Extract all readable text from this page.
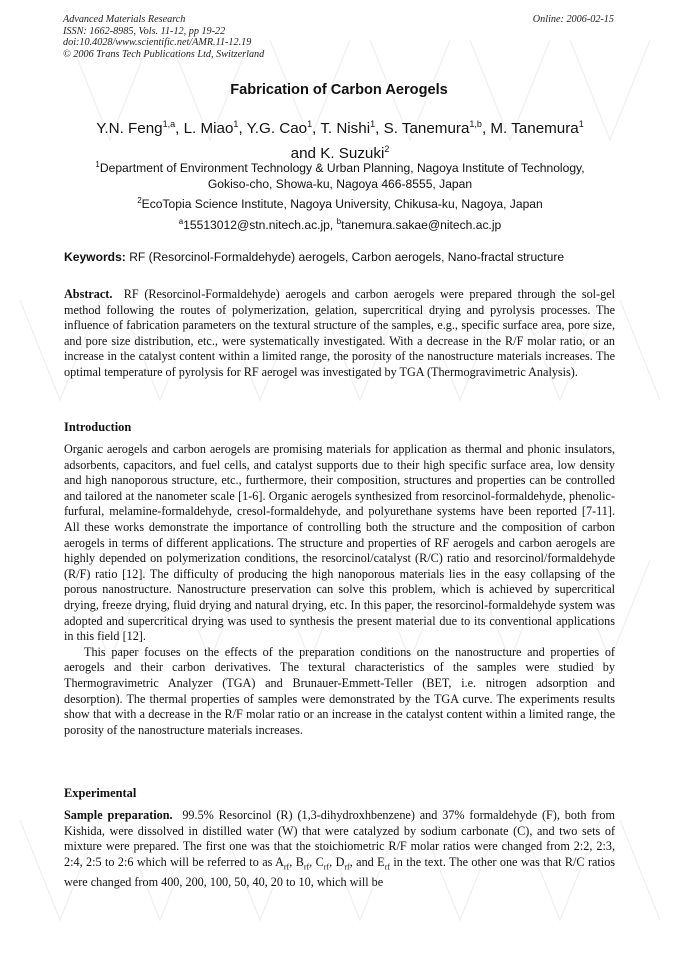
Advanced Materials Research
ISSN: 1662-8985, Vols. 11-12, pp 19-22
doi:10.4028/www.scientific.net/AMR.11-12.19
© 2006 Trans Tech Publications Ltd, Switzerland
Online: 2006-02-15
Fabrication of Carbon Aerogels
Y.N. Feng$^{1,a}$, L. Miao$^1$, Y.G. Cao$^1$, T. Nishi$^1$, S. Tanemura$^{1,b}$, M. Tanemura$^1$
and K. Suzuki$^2$
$^1$Department of Environment Technology & Urban Planning, Nagoya Institute of Technology,
Gokiso-cho, Showa-ku, Nagoya 466-8555, Japan
$^2$EcoTopia Science Institute, Nagoya University, Chikusa-ku, Nagoya, Japan
$^a$15513012@stn.nitech.ac.jp, $^b$tanemura.sakae@nitech.ac.jp
Keywords: RF (Resorcinol-Formaldehyde) aerogels, Carbon aerogels, Nano-fractal structure

Abstract. RF (Resorcinol-Formaldehyde) aerogels and carbon aerogels were prepared through the sol-gel method following the routes of polymerization, gelation, supercritical drying and pyrolysis processes. The influence of fabrication parameters on the textural structure of the samples, e.g., specific surface area, pore size, and pore size distribution, etc., were systematically investigated. With a decrease in the R/F molar ratio, or an increase in the catalyst content within a limited range, the porosity of the nanostructure materials increases. The optimal temperature of pyrolysis for RF aerogel was investigated by TGA (Thermogravimetric Analysis).

Introduction

Organic aerogels and carbon aerogels are promising materials for application as thermal and phonic insulators, adsorbents, capacitors, and fuel cells, and catalyst supports due to their high specific surface area, low density and high nanoporous structure, etc., furthermore, their composition, structures and properties can be controlled and tailored at the nanometer scale [1-6]. Organic aerogels synthesized from resorcinol-formaldehyde, phenolic-furfural, melamine-formaldehyde, cresol-formaldehyde, and polyurethane systems have been reported [7-11]. All these works demonstrate the importance of controlling both the structure and the composition of carbon aerogels in terms of different applications. The structure and properties of RF aerogels and carbon aerogels are highly depended on polymerization conditions, the resorcinol/catalyst (R/C) ratio and resorcinol/formaldehyde (R/F) ratio [12]. The difficulty of producing the high nanoporous materials lies in the easy collapsing of the porous nanostructure. Nanostructure preservation can solve this problem, which is achieved by supercritical drying, freeze drying, fluid drying and natural drying, etc. In this paper, the resorcinol-formaldehyde system was adopted and supercritical drying was used to synthesis the present material due to its conventional applications in this field [12].

This paper focuses on the effects of the preparation conditions on the nanostructure and properties of aerogels and their carbon derivatives. The textural characteristics of the samples were studied by Thermogravimetric Analyzer (TGA) and Brunauer-Emmett-Teller (BET, i.e. nitrogen adsorption and desorption). The thermal properties of samples were demonstrated by the TGA curve. The experiments results show that with a decrease in the R/F molar ratio or an increase in the catalyst content within a limited range, the porosity of the nanostructure materials increases.

Experimental

Sample preparation. 99.5% Resorcinol (R) (1,3-dihydroxhbenzene) and 37% formaldehyde (F), both from Kishida, were dissolved in distilled water (W) that were catalyzed by sodium carbonate (C), and two sets of mixture were prepared. The first one was that the stoichiometric R/F molar ratios were changed from 2:2, 2:3, 2:4, 2:5 to 2:6 which will be referred to as $A_{rf}$, $B_{rf}$, $C_{rf}$, $D_{rf}$, and $E_{rf}$ in the text. The other one was that R/C ratios were changed from 400, 200, 100, 50, 40, 20 to 10, which will be
